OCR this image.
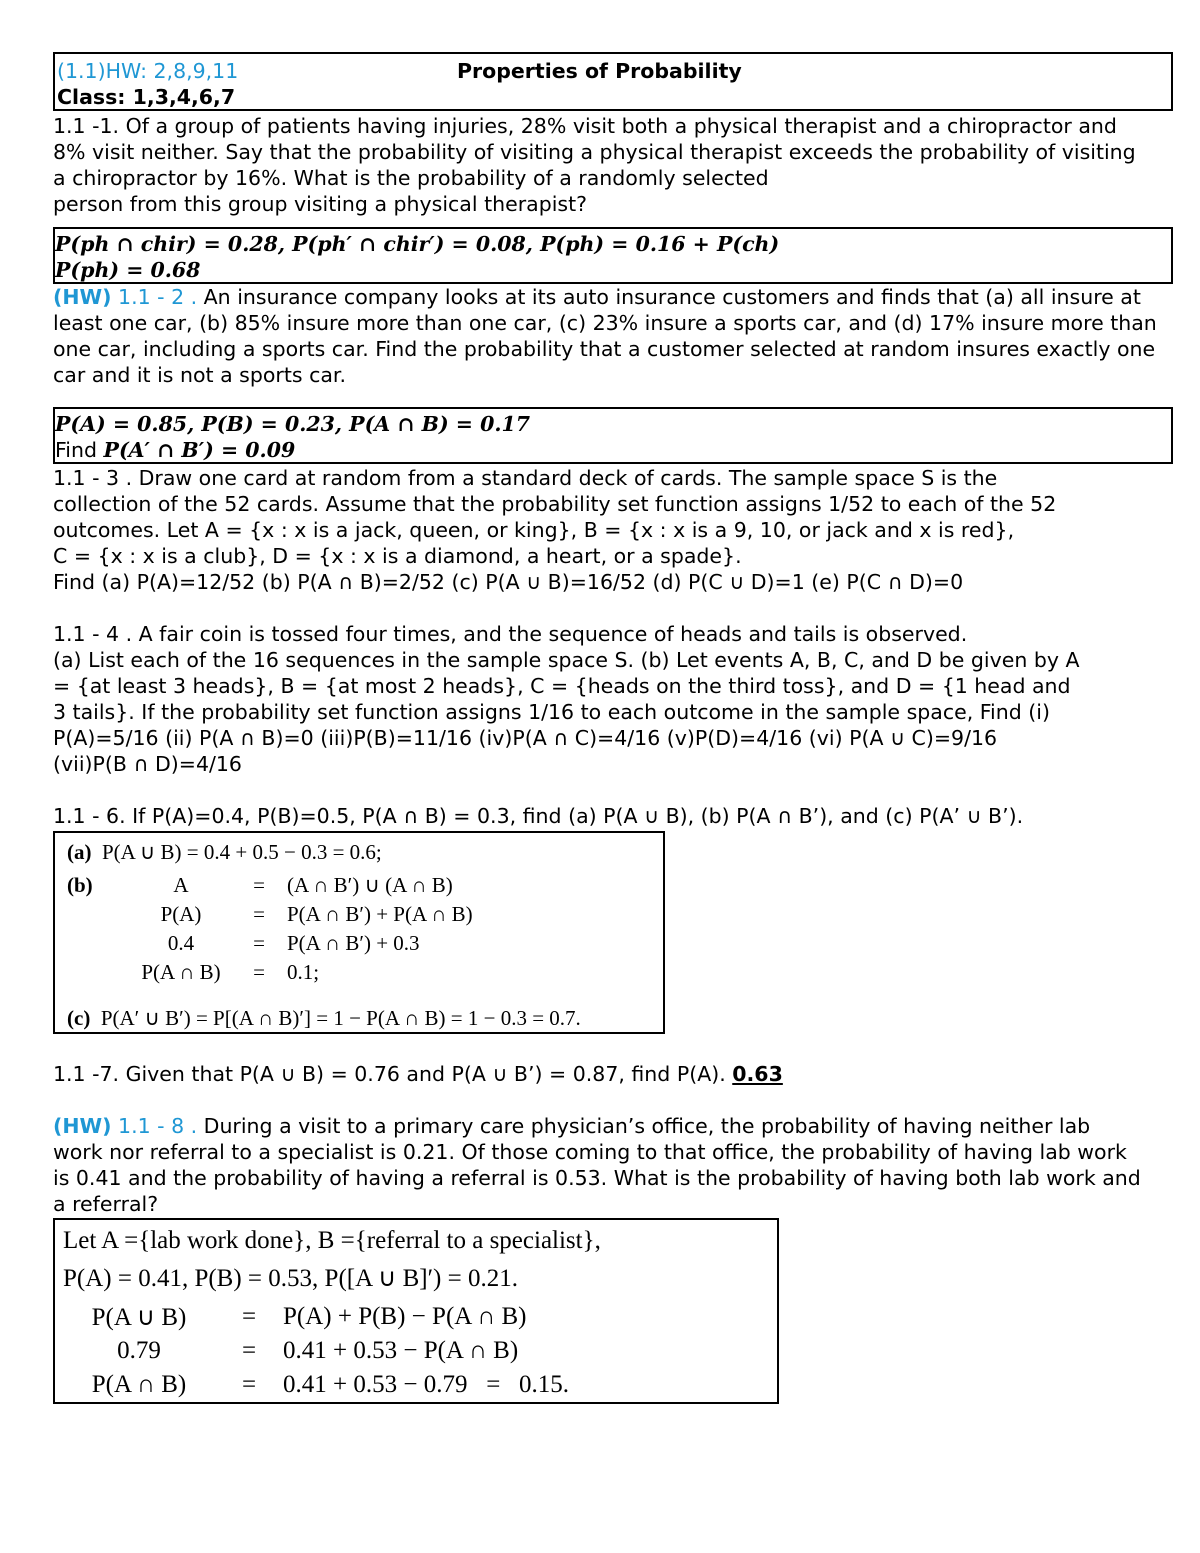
(1.1)HW: 2,8,9,11	Properties of Probability
Class: 1,3,4,6,7

1.1 -1. Of a group of patients having injuries, 28% visit both a physical therapist and a chiropractor and 8% visit neither. Say that the probability of visiting a physical therapist exceeds the probability of visiting a chiropractor by 16%. What is the probability of a randomly selected
person from this group visiting a physical therapist?

P(ph ∩ chir) = 0.28, P(ph′ ∩ chir′) = 0.08, P(ph) = 0.16 + P(ch)
P(ph) = 0.68

(HW) 1.1 - 2 . An insurance company looks at its auto insurance customers and finds that (a) all insure at least one car, (b) 85% insure more than one car, (c) 23% insure a sports car, and (d) 17% insure more than one car, including a sports car. Find the probability that a customer selected at random insures exactly one car and it is not a sports car.

P(A) = 0.85, P(B) = 0.23, P(A ∩ B) = 0.17
Find P(A′ ∩ B′) = 0.09
1.1 - 3 . Draw one card at random from a standard deck of cards. The sample space S is the
collection of the 52 cards. Assume that the probability set function assigns 1/52 to each of the 52
outcomes. Let A = {x : x is a jack, queen, or king}, B = {x : x is a 9, 10, or jack and x is red},
C = {x : x is a club}, D = {x : x is a diamond, a heart, or a spade}.
Find (a) P(A)=12/52 (b) P(A ∩ B)=2/52 (c) P(A ∪ B)=16/52 (d) P(C ∪ D)=1 (e) P(C ∩ D)=0
1.1 - 4 . A fair coin is tossed four times, and the sequence of heads and tails is observed.
(a) List each of the 16 sequences in the sample space S. (b) Let events A, B, C, and D be given by A
= {at least 3 heads}, B = {at most 2 heads}, C = {heads on the third toss}, and D = {1 head and
3 tails}. If the probability set function assigns 1/16 to each outcome in the sample space, Find (i)
P(A)=5/16 (ii) P(A ∩ B)=0 (iii)P(B)=11/16 (iv)P(A ∩ C)=4/16 (v)P(D)=4/16 (vi) P(A ∪ C)=9/16
(vii)P(B ∩ D)=4/16
1.1 - 6. If P(A)=0.4, P(B)=0.5, P(A ∩ B) = 0.3, find (a) P(A ∪ B), (b) P(A ∩ B’), and (c) P(A’ ∪ B’).
(a) P(A ∪ B) = 0.4 + 0.5 − 0.3 = 0.6;
(b)	A	=	(A ∩ B′) ∪ (A ∩ B)
	P(A)	=	P(A ∩ B′) + P(A ∩ B)
	0.4	=	P(A ∩ B′) + 0.3
	P(A ∩ B)	=	0.1;
(c) P(A′ ∪ B′) = P[(A ∩ B)′] = 1 − P(A ∩ B) = 1 − 0.3 = 0.7.
1.1 -7. Given that P(A ∪ B) = 0.76 and P(A ∪ B’) = 0.87, find P(A). 0.63

(HW) 1.1 - 8 . During a visit to a primary care physician’s office, the probability of having neither lab work nor referral to a specialist is 0.21. Of those coming to that office, the probability of having lab work is 0.41 and the probability of having a referral is 0.53. What is the probability of having both lab work and a referral?

Let A ={lab work done}, B ={referral to a specialist},
P(A) = 0.41, P(B) = 0.53, P([A ∪ B]′) = 0.21.
P(A ∪ B)	=	P(A) + P(B) − P(A ∩ B)
0.79	=	0.41 + 0.53 − P(A ∩ B)
P(A ∩ B)	=	0.41 + 0.53 − 0.79   =   0.15.
